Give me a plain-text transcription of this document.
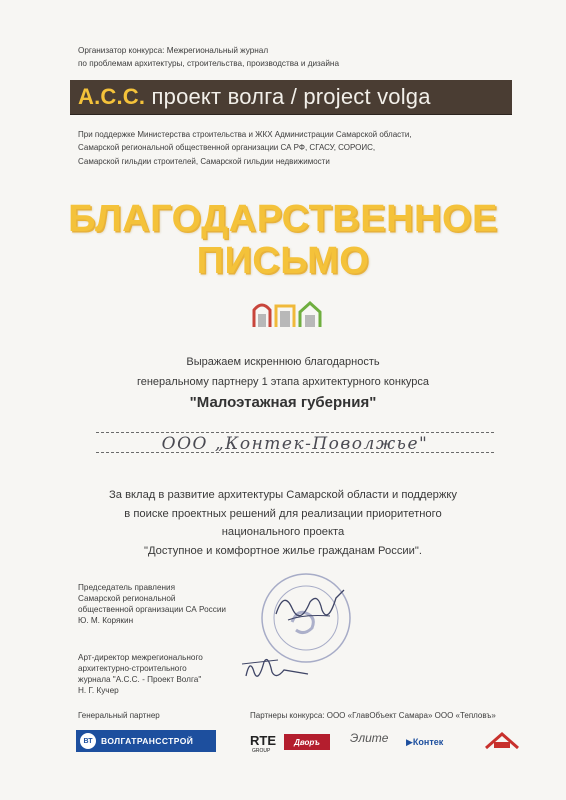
Организатор конкурса: Межрегиональный журнал
по проблемам архитектуры, строительства, производства и дизайна
А.С.С. проект волга / project volga
При поддержке Министерства строительства и ЖКХ Администрации Самарской области,
Самарской региональной общественной организации СА РФ, СГАСУ, СОРОИС,
Самарской гильдии строителей, Самарской гильдии недвижимости
БЛАГОДАРСТВЕННОЕ
ПИСЬМО
Выражаем искреннюю благодарность
генеральному партнеру 1 этапа архитектурного конкурса
"Малоэтажная губерния"
ООО „Контек-Поволжье"
За вклад в развитие архитектуры Самарской области и поддержку
в поиске проектных решений для реализации приоритетного
национального проекта
"Доступное и комфортное жилье гражданам России".
Председатель правления
Самарской региональной
общественной организации СА России
Ю. М. Корякин
Арт-директор межрегионального
архитектурно-строительного
журнала "А.С.С. - Проект Волга"
Н. Г. Кучер
Генеральный партнер	Партнеры конкурса: ООО «ГлавОбъект Самара» ООО «Тепловъ»
ВТ ВОЛГАТРАНССТРОЙ	RTE
GROUP
Дворъ	Элите ▶Контек
